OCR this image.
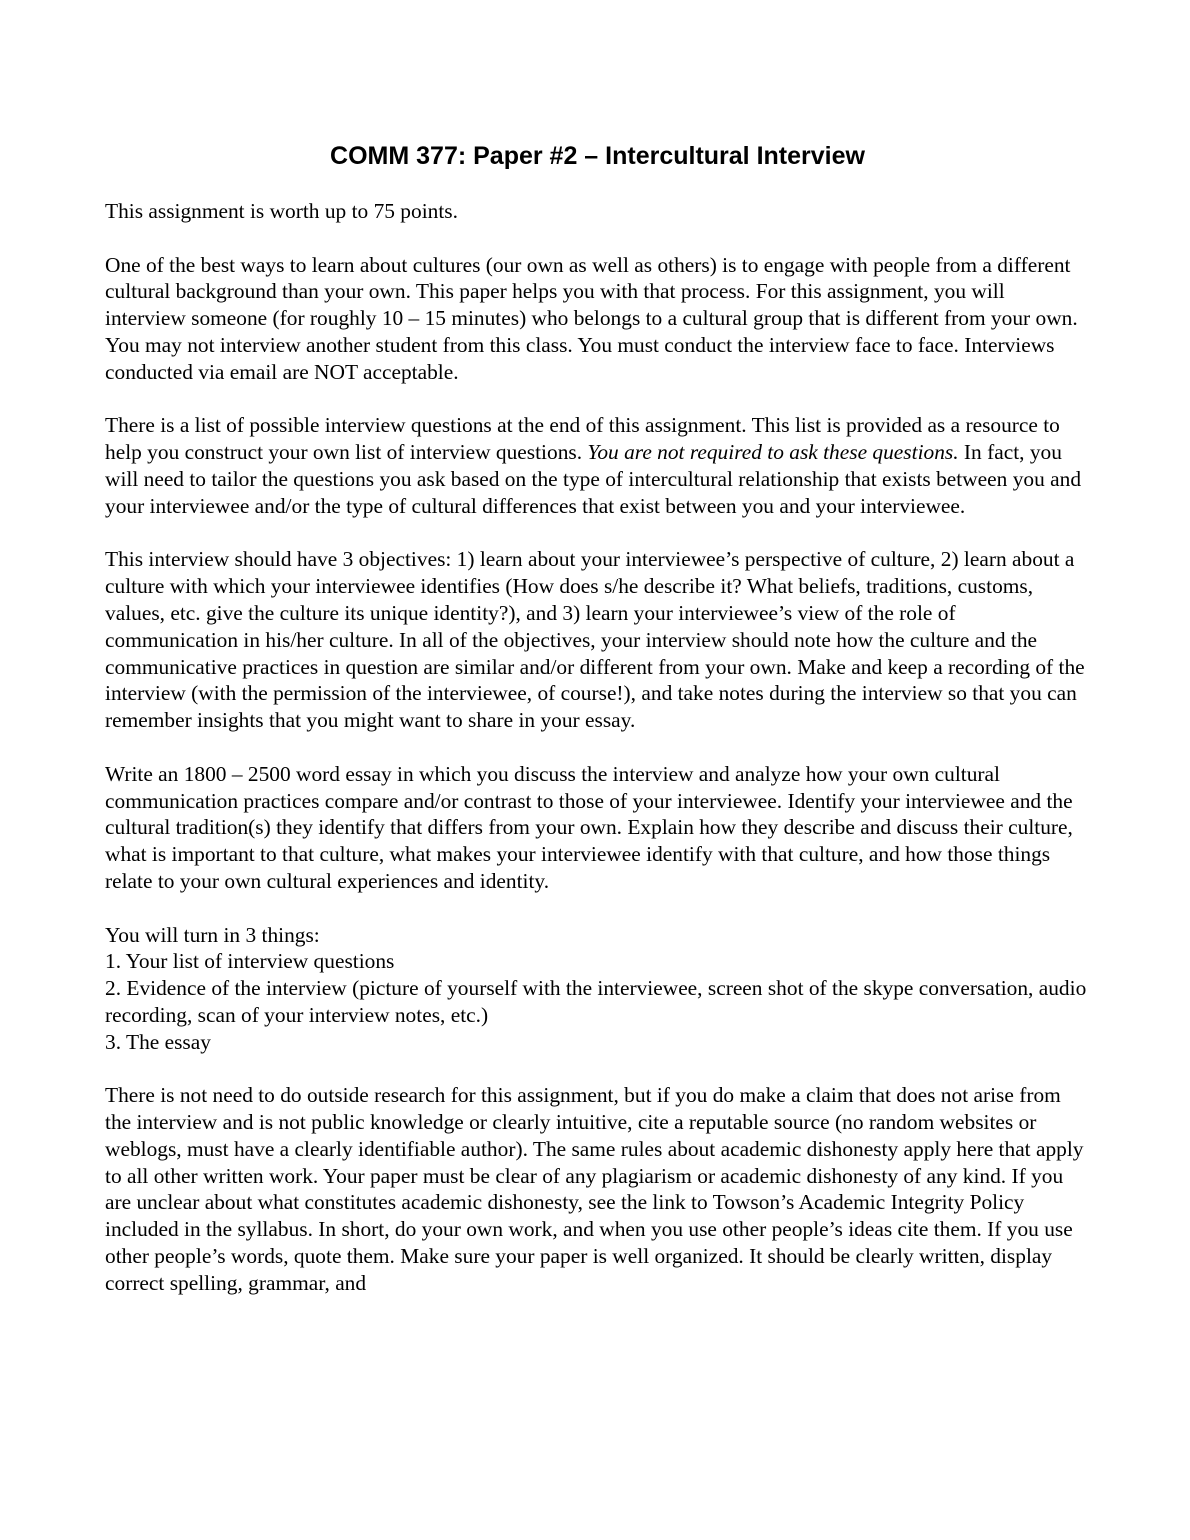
COMM 377: Paper #2 – Intercultural Interview

This assignment is worth up to 75 points.

One of the best ways to learn about cultures (our own as well as others) is to engage with people from a different cultural background than your own. This paper helps you with that process. For this assignment, you will interview someone (for roughly 10 – 15 minutes) who belongs to a cultural group that is different from your own. You may not interview another student from this class. You must conduct the interview face to face. Interviews conducted via email are NOT acceptable.

There is a list of possible interview questions at the end of this assignment. This list is provided as a resource to help you construct your own list of interview questions. You are not required to ask these questions. In fact, you will need to tailor the questions you ask based on the type of intercultural relationship that exists between you and your interviewee and/or the type of cultural differences that exist between you and your interviewee.

This interview should have 3 objectives: 1) learn about your interviewee’s perspective of culture, 2) learn about a culture with which your interviewee identifies (How does s/he describe it? What beliefs, traditions, customs, values, etc. give the culture its unique identity?), and 3) learn your interviewee’s view of the role of communication in his/her culture. In all of the objectives, your interview should note how the culture and the communicative practices in question are similar and/or different from your own. Make and keep a recording of the interview (with the permission of the interviewee, of course!), and take notes during the interview so that you can remember insights that you might want to share in your essay.

Write an 1800 – 2500 word essay in which you discuss the interview and analyze how your own cultural communication practices compare and/or contrast to those of your interviewee. Identify your interviewee and the cultural tradition(s) they identify that differs from your own. Explain how they describe and discuss their culture, what is important to that culture, what makes your interviewee identify with that culture, and how those things relate to your own cultural experiences and identity.

You will turn in 3 things:
1. Your list of interview questions
2. Evidence of the interview (picture of yourself with the interviewee, screen shot of the skype conversation, audio recording, scan of your interview notes, etc.)
3. The essay

There is not need to do outside research for this assignment, but if you do make a claim that does not arise from the interview and is not public knowledge or clearly intuitive, cite a reputable source (no random websites or weblogs, must have a clearly identifiable author). The same rules about academic dishonesty apply here that apply to all other written work. Your paper must be clear of any plagiarism or academic dishonesty of any kind. If you are unclear about what constitutes academic dishonesty, see the link to Towson’s Academic Integrity Policy included in the syllabus. In short, do your own work, and when you use other people’s ideas cite them. If you use other people’s words, quote them. Make sure your paper is well organized. It should be clearly written, display correct spelling, grammar, and
